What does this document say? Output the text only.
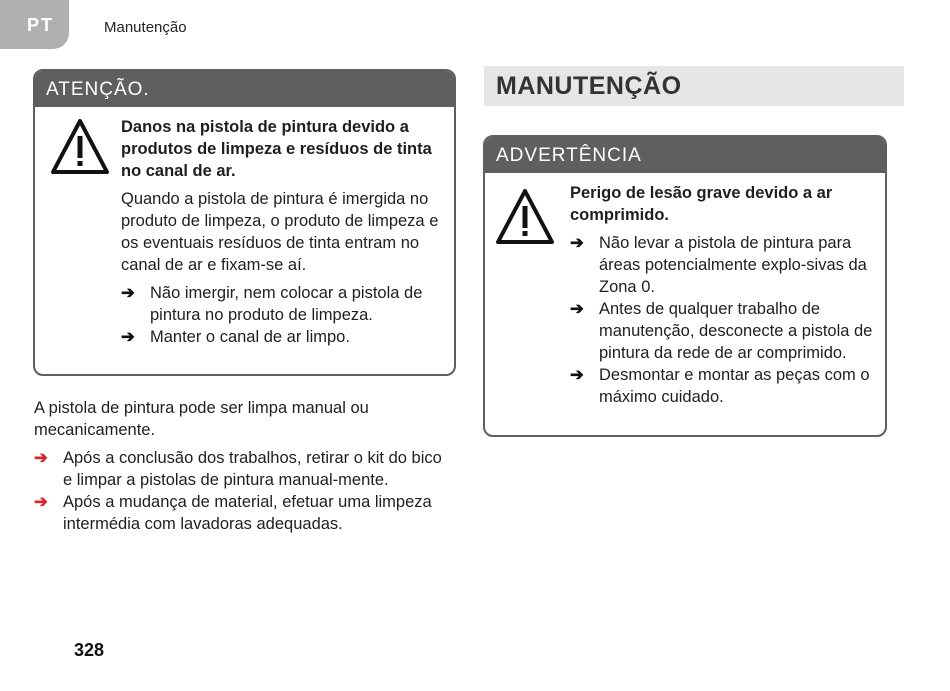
PT	Manutenção
ATENÇÃO.
Danos na pistola de pintura devido a produtos de limpeza e resíduos de tinta no canal de ar.
Quando a pistola de pintura é imergida no produto de limpeza, o produto de limpeza e os eventuais resíduos de tinta entram no canal de ar e fixam-se aí.
➔ Não imergir, nem colocar a pistola de pintura no produto de limpeza.
➔ Manter o canal de ar limpo.
A pistola de pintura pode ser limpa manual ou mecanicamente.
➔ Após a conclusão dos trabalhos, retirar o kit do bico e limpar a pistolas de pintura manual-mente.
➔ Após a mudança de material, efetuar uma limpeza intermédia com lavadoras adequadas.
MANUTENÇÃO
ADVERTÊNCIA
Perigo de lesão grave devido a ar comprimido.
➔ Não levar a pistola de pintura para áreas potencialmente explo-sivas da Zona 0.
➔ Antes de qualquer trabalho de manutenção, desconecte a pistola de pintura da rede de ar comprimido.
➔ Desmontar e montar as peças com o máximo cuidado.
328
